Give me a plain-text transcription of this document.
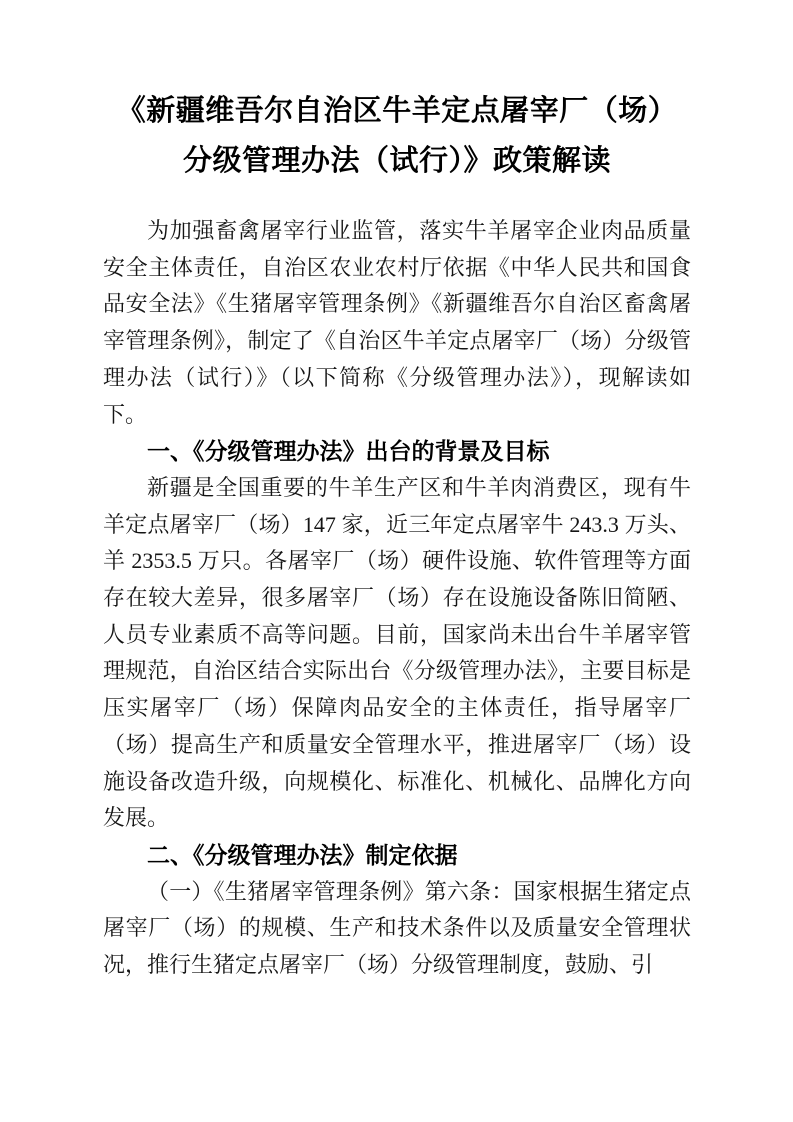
《新疆维吾尔自治区牛羊定点屠宰厂（场）分级管理办法（试行）》政策解读

为加强畜禽屠宰行业监管，落实牛羊屠宰企业肉品质量安全主体责任，自治区农业农村厅依据《中华人民共和国食品安全法》《生猪屠宰管理条例》《新疆维吾尔自治区畜禽屠宰管理条例》，制定了《自治区牛羊定点屠宰厂（场）分级管理办法（试行）》（以下简称《分级管理办法》），现解读如下。

一、《分级管理办法》出台的背景及目标

新疆是全国重要的牛羊生产区和牛羊肉消费区，现有牛羊定点屠宰厂（场）147 家，近三年定点屠宰牛 243.3 万头、羊 2353.5 万只。各屠宰厂（场）硬件设施、软件管理等方面存在较大差异，很多屠宰厂（场）存在设施设备陈旧简陋、人员专业素质不高等问题。目前，国家尚未出台牛羊屠宰管理规范，自治区结合实际出台《分级管理办法》，主要目标是压实屠宰厂（场）保障肉品安全的主体责任，指导屠宰厂（场）提高生产和质量安全管理水平，推进屠宰厂（场）设施设备改造升级，向规模化、标准化、机械化、品牌化方向发展。

二、《分级管理办法》制定依据

（一）《生猪屠宰管理条例》第六条：国家根据生猪定点屠宰厂（场）的规模、生产和技术条件以及质量安全管理状况，推行生猪定点屠宰厂（场）分级管理制度，鼓励、引
